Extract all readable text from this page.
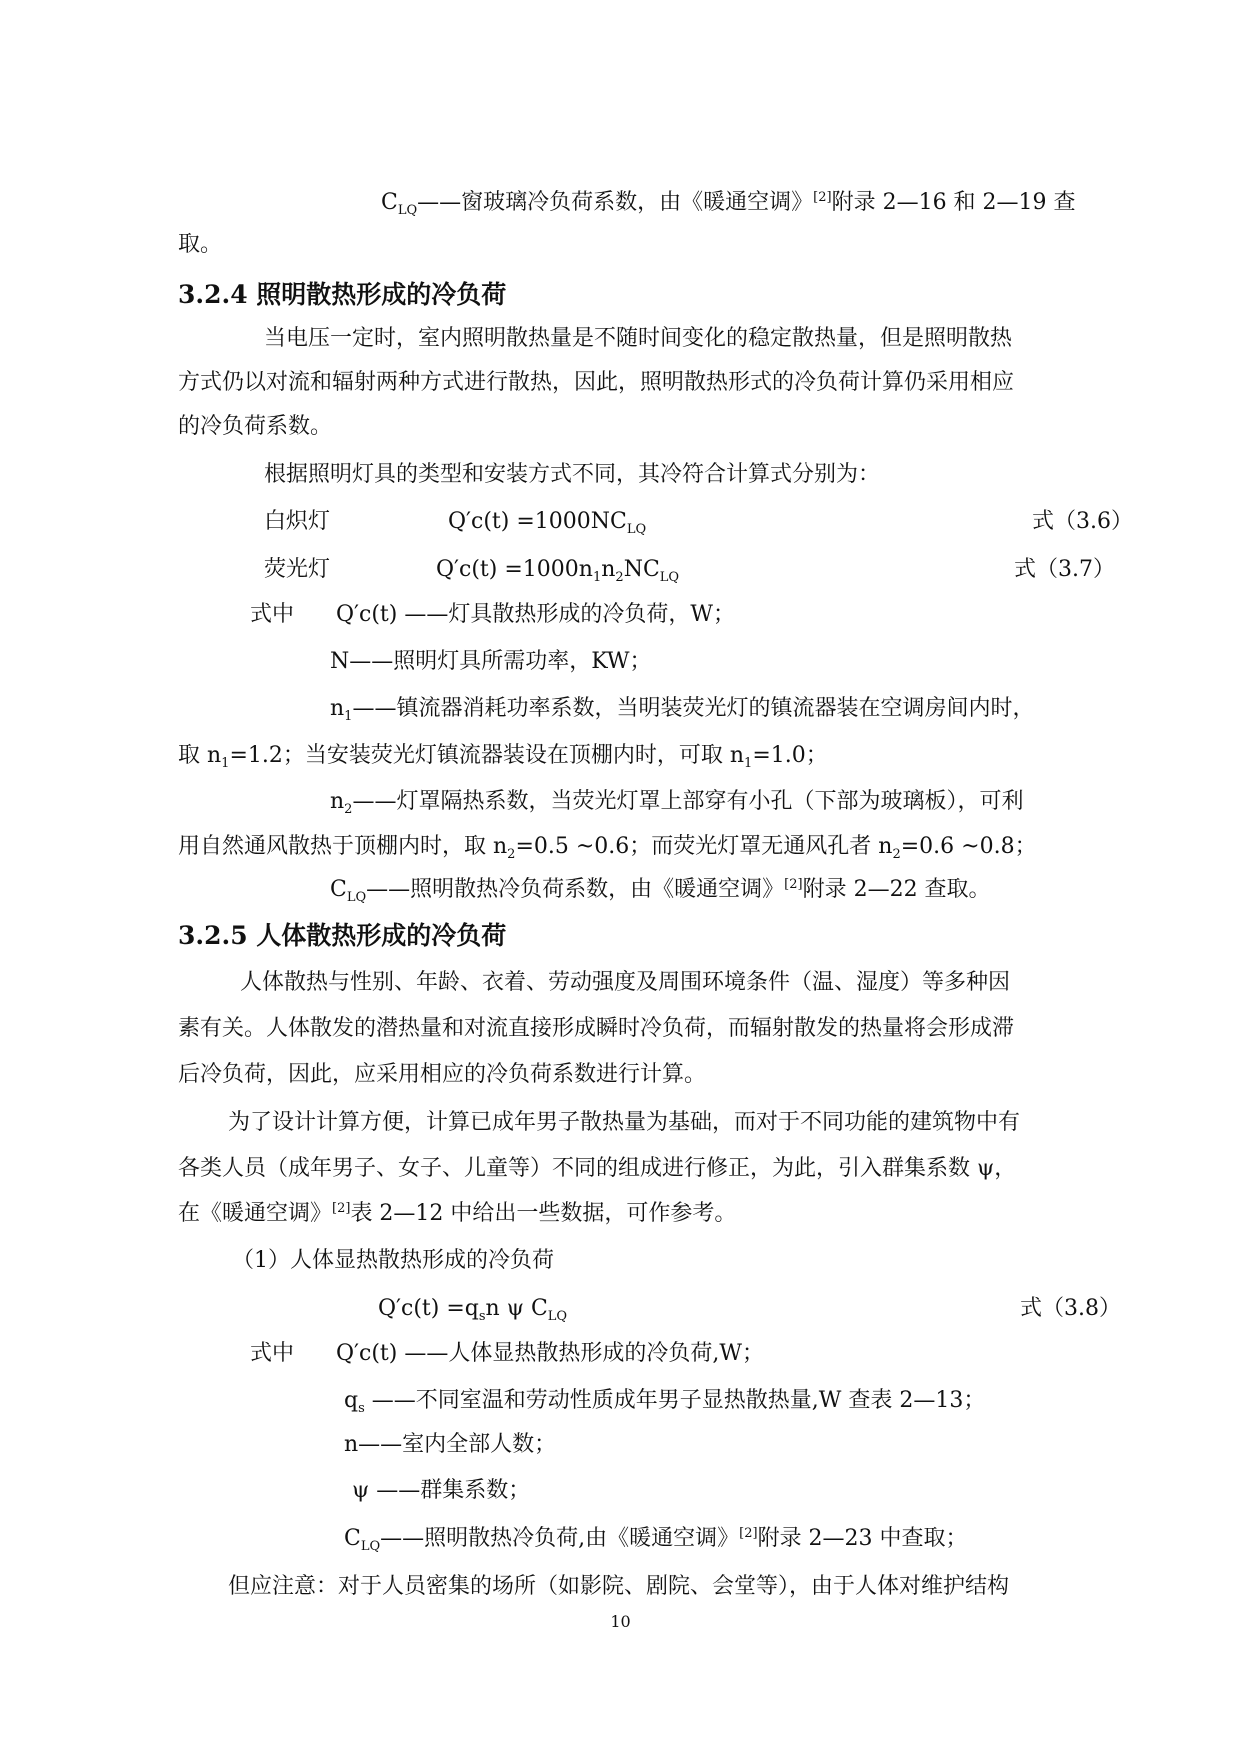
$C_{LQ}——$窗玻璃冷负荷系数，由《暖通空调》[2]附录 2—16 和 2—19 查
取。
3.2.4 照明散热形成的冷负荷
当电压一定时，室内照明散热量是不随时间变化的稳定散热量，但是照明散热
方式仍以对流和辐射两种方式进行散热，因此，照明散热形式的冷负荷计算仍采用相应
的冷负荷系数。
根据照明灯具的类型和安装方式不同，其冷符合计算式分别为：
白炽灯	$Q'c(t) =1000NC_{LQ}$	式（3.6）
荧光灯	$Q'c(t) =1000n_1n_2NC_{LQ}$	式（3.7）
式中 Q′c(t) ——灯具散热形成的冷负荷，W；
N——照明灯具所需功率，KW；
$n_1——$镇流器消耗功率系数，当明装荧光灯的镇流器装在空调房间内时，
取 $n_1=1.2$；当安装荧光灯镇流器装设在顶棚内时，可取 $n_1=1.0$；
$n_2——$灯罩隔热系数，当荧光灯罩上部穿有小孔（下部为玻璃板），可利
用自然通风散热于顶棚内时，取 $n_2=0.5$ ~0.6；而荧光灯罩无通风孔者 $n_2=0.6$ ~0.8；
$C_{LQ}——$照明散热冷负荷系数，由《暖通空调》[2]附录 2—22 查取。
3.2.5 人体散热形成的冷负荷
人体散热与性别、年龄、衣着、劳动强度及周围环境条件（温、湿度）等多种因
素有关。人体散发的潜热量和对流直接形成瞬时冷负荷，而辐射散发的热量将会形成滞
后冷负荷，因此，应采用相应的冷负荷系数进行计算。
为了设计计算方便，计算已成年男子散热量为基础，而对于不同功能的建筑物中有
各类人员（成年男子、女子、儿童等）不同的组成进行修正，为此，引入群集系数 ψ，
在《暖通空调》[2]表 2—12 中给出一些数据，可作参考。
（1）人体显热散热形成的冷负荷
$Q'c(t) =q_sn$ ψ $C_{LQ}$	式（3.8）
式中 Q′c(t) ——人体显热散热形成的冷负荷,W；
$q_s$ ——不同室温和劳动性质成年男子显热散热量,W 查表 2—13；
n——室内全部人数；
ψ ——群集系数；
$C_{LQ}——$照明散热冷负荷,由《暖通空调》[2]附录 2—23 中查取；
但应注意：对于人员密集的场所（如影院、剧院、会堂等），由于人体对维护结构
10
